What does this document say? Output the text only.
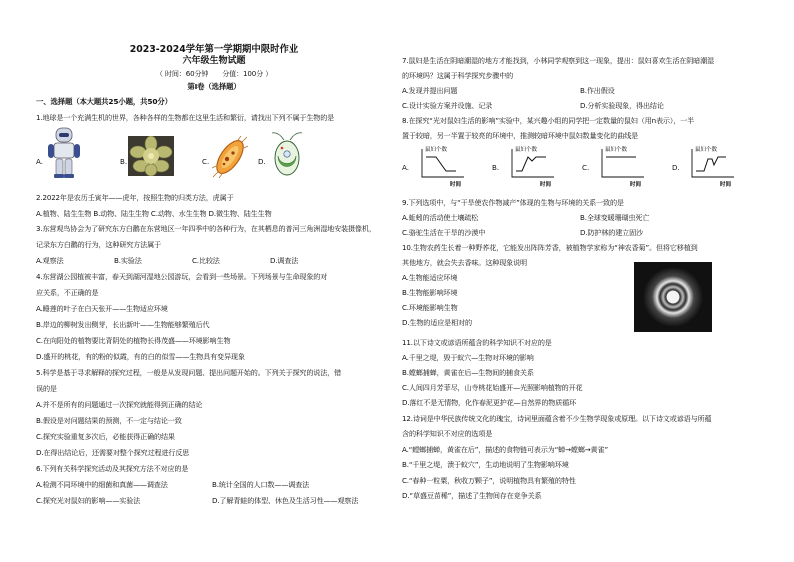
2023-2024学年第一学期期中限时作业
六年级生物试题
（ 时间：60分钟　　分值：100分 ）
第Ⅰ卷（选择题）
一、选择题（本大题共25小题，共50分）
1.地球是一个充满生机的世界，各种各样的生物都在这里生活和繁衍，请找出下列不属于生物的是
A.	B.	C.	D.
2.2022年是农历壬寅年——虎年，按照生物的归类方法，虎属于
A.植物、陆生生物 B.动物、陆生生物 C.动物、水生生物 D.微生物、陆生生物
3.东营观鸟协会为了研究东方白鹳在东营地区一年四季中的各种行为，在其栖息的普河三角洲湿地安装摄像机，
记录东方白鹳的行为，这种研究方法属于
A.观察法	B.实验法	C.比较法	D.调查法
4.东营湖公园植被丰富，春天到湖河湿地公园游玩，会看到一些场景。下列场景与生命现象的对
应关系，不正确的是
A.睡莲的叶子在白天张开——生物适应环境
B.岸边的柳树发出侧芽，长出新叶——生物能够繁殖后代
C.在向阳处的植物要比背阴处的植物长得茂盛——环境影响生物
D.盛开的桃花，有的粉的似霞，有的白的似雪——生物具有变异现象
5.科学是基于寻求解释的探究过程，一般是从发现问题、提出问题开始的。下列关于探究的说法，错
误的是
A.并不是所有的问题通过一次探究就能得到正确的结论
B.假设是对问题结果的预测，不一定与结论一致
C.探究实验重复多次后，必能获得正确的结果
D.在得出结论后，还需要对整个探究过程进行反思
6.下列有关科学探究活动及其探究方法不对应的是
A.检测不同环境中的细菌和真菌——调查法	B.统计全国的人口数——调查法
C.探究光对鼠妇的影响——实验法	D.了解青蛙的体型、休色及生活习性——观察法
7.鼠妇是生活在阴暗潮湿的地方才能找到，小林同学观察到这一现象，提出：鼠妇喜欢生活在阴暗潮湿
的环境吗？这属于科学探究步骤中的
A.发现并提出问题	B.作出假设
C.设计实验方案并设施、记录	D.分析实验现象，得出结论
8.在探究“光对鼠妇生活的影响”实验中，某兴趣小组的同学把一定数量的鼠妇（用n表示），一半
置于较暗，另一半置于较亮的环境中，推测较暗环境中鼠妇数量变化的曲线是
A.
鼠妇个数
时间
B.
鼠妇个数
时间
C.
鼠妇个数
时间
D.
鼠妇个数
时间
9.下列选项中，与“干旱使农作物减产”体现的生物与环境的关系一致的是
A.蚯蚓的活动使土壤疏松	B.全球变暖珊瑚虫死亡
C.骆驼生活在干旱的沙漠中	D.防护林的建立固沙
10.生物农药生长着一种野荞花，它能发出阵阵芳香，被植物学家称为“神农香菊”。但将它移植到
其他地方，就会失去香味。这种现象说明
A.生物能适应环境
B.生物能影响环境
C.环境能影响生物
D.生物的适应是相对的
11.以下诗文或谚语所蕴含的科学知识不对应的是
A.千里之堤，毁于蚁穴—生物对环境的影响
B.螳螂捕蝉，黄雀在后—生物间的捕食关系
C.人间四月芳菲尽，山寺桃花始盛开—光照影响植物的开花
D.落红不是无情物，化作春泥更护花—自然界的物质循环
12.诗词是中华民族传统文化的瑰宝，诗词里面蕴含着不少生物学现象或原理。以下诗文或谚语与所蕴
含的科学知识不对应的选项是
A.“螳螂捕蝉，黄雀在后”，描述的食物链可表示为“蝉→螳螂→黄雀”
B.“千里之堤，溃于蚁穴”，生动地说明了生物影响环境
C.“春种一粒粟，秋收万颗子”，说明植物具有繁殖的特性
D.“草盛豆苗稀”，描述了生物间存在竞争关系
